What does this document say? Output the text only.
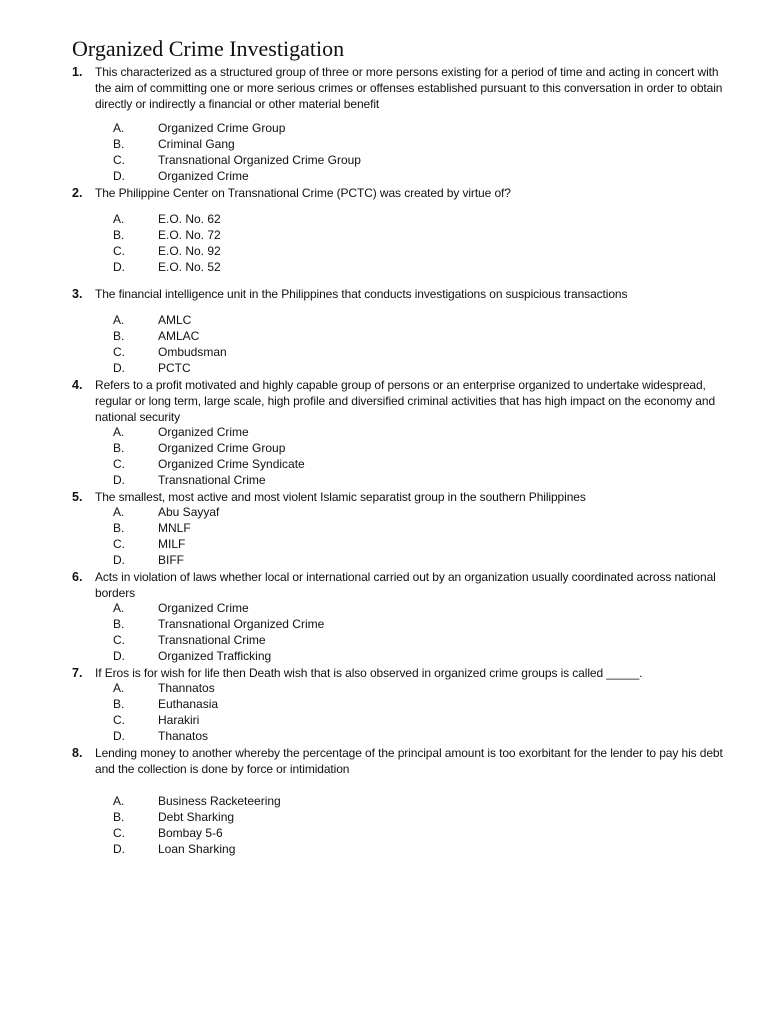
Organized Crime Investigation
1. This characterized as a structured group of three or more persons existing for a period of time and acting in concert with the aim of committing one or more serious crimes or offenses established pursuant to this conversation in order to obtain directly or indirectly a financial or other material benefit
A.	Organized Crime Group
B.	Criminal Gang
C.	Transnational Organized Crime Group
D.	Organized Crime
2. The Philippine Center on Transnational Crime (PCTC) was created by virtue of?
A.	E.O. No. 62
B.	E.O. No. 72
C.	E.O. No. 92
D.	E.O. No. 52
3. The financial intelligence unit in the Philippines that conducts investigations on suspicious transactions
A.	AMLC
B.	AMLAC
C.	Ombudsman
D.	PCTC
4. Refers to a profit motivated and highly capable group of persons or an enterprise organized to undertake widespread, regular or long term, large scale, high profile and diversified criminal activities that has high impact on the economy and national security
A.	Organized Crime
B.	Organized Crime Group
C.	Organized Crime Syndicate
D.	Transnational Crime
5. The smallest, most active and most violent Islamic separatist group in the southern Philippines
A.	Abu Sayyaf
B.	MNLF
C.	MILF
D.	BIFF
6. Acts in violation of laws whether local or international carried out by an organization usually coordinated across national borders
A.	Organized Crime
B.	Transnational Organized Crime
C.	Transnational Crime
D.	Organized Trafficking
7. If Eros is for wish for life then Death wish that is also observed in organized crime groups is called _____.
A.	Thannatos
B.	Euthanasia
C.	Harakiri
D.	Thanatos
8. Lending money to another whereby the percentage of the principal amount is too exorbitant for the lender to pay his debt and the collection is done by force or intimidation
A.	Business Racketeering
B.	Debt Sharking
C.	Bombay 5-6
D.	Loan Sharking
